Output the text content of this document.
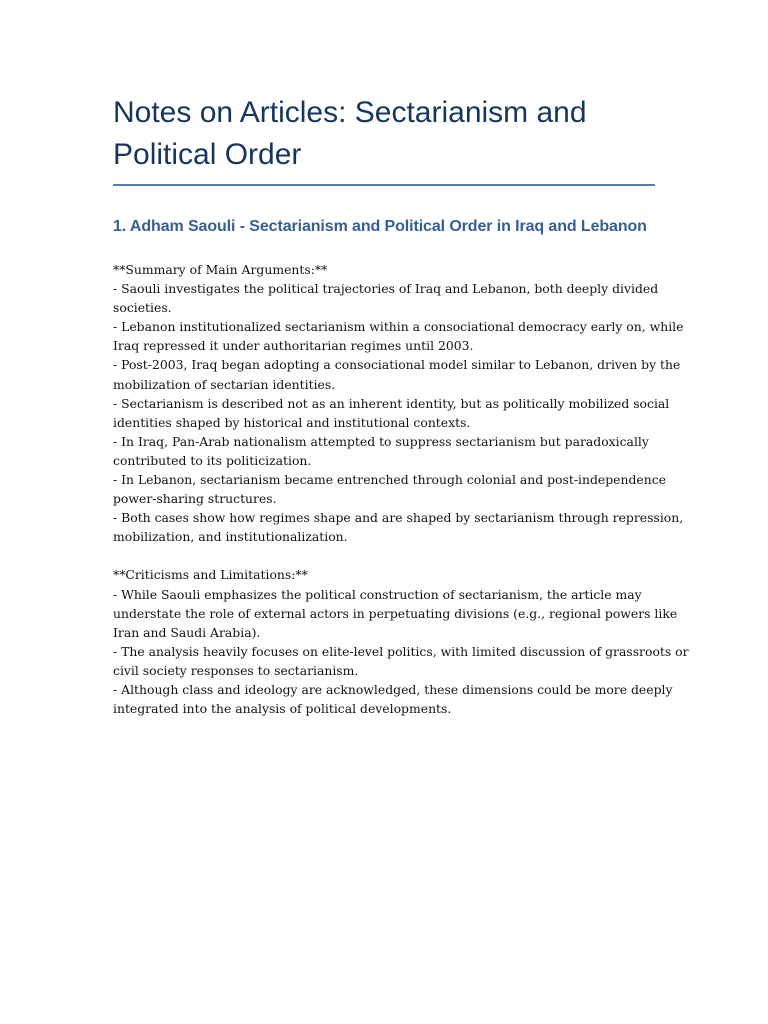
Notes on Articles: Sectarianism and
Political Order
1. Adham Saouli - Sectarianism and Political Order in Iraq and Lebanon

**Summary of Main Arguments:**

- Saouli investigates the political trajectories of Iraq and Lebanon, both deeply divided

societies.

- Lebanon institutionalized sectarianism within a consociational democracy early on, while

Iraq repressed it under authoritarian regimes until 2003.

- Post-2003, Iraq began adopting a consociational model similar to Lebanon, driven by the

mobilization of sectarian identities.

- Sectarianism is described not as an inherent identity, but as politically mobilized social

identities shaped by historical and institutional contexts.

- In Iraq, Pan-Arab nationalism attempted to suppress sectarianism but paradoxically

contributed to its politicization.

- In Lebanon, sectarianism became entrenched through colonial and post-independence

power-sharing structures.

- Both cases show how regimes shape and are shaped by sectarianism through repression,

mobilization, and institutionalization.

**Criticisms and Limitations:**

- While Saouli emphasizes the political construction of sectarianism, the article may

understate the role of external actors in perpetuating divisions (e.g., regional powers like

Iran and Saudi Arabia).

- The analysis heavily focuses on elite-level politics, with limited discussion of grassroots or

civil society responses to sectarianism.

- Although class and ideology are acknowledged, these dimensions could be more deeply

integrated into the analysis of political developments.
